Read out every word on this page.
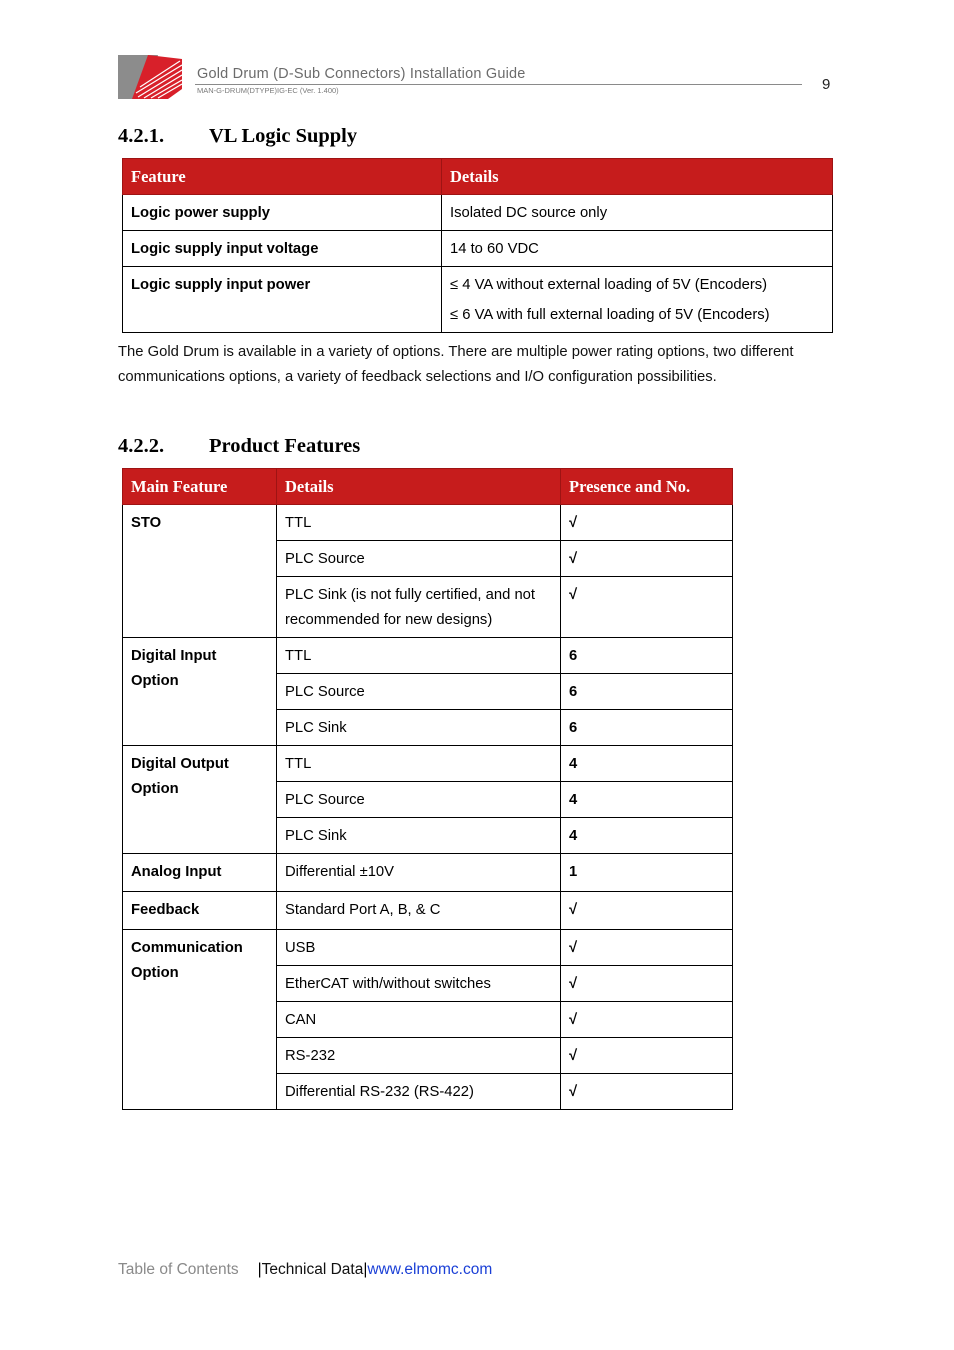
Gold Drum (D-Sub Connectors) Installation Guide
MAN-G-DRUM(DTYPE)IG-EC (Ver. 1.400)	9
4.2.1. VL Logic Supply
Feature	Details
Logic power supply	Isolated DC source only
Logic supply input voltage	14 to 60 VDC
Logic supply input power	≤ 4 VA without external loading of 5V (Encoders)
≤ 6 VA with full external loading of 5V (Encoders)

The Gold Drum is available in a variety of options. There are multiple power rating options, two different communications options, a variety of feedback selections and I/O configuration possibilities.

4.2.2. Product Features
Main Feature	Details	Presence and No.
STO	TTL	√
	PLC Source	√
	PLC Sink (is not fully certified, and not recommended for new designs)	√
Digital Input Option	TTL	6
	PLC Source	6
	PLC Sink	6
Digital Output Option	TTL	4
	PLC Source	4
	PLC Sink	4
Analog Input	Differential ±10V	1
Feedback	Standard Port A, B, & C	√
Communication Option	USB	√
	EtherCAT with/without switches	√
	CAN	√
	RS-232	√
	Differential RS-232 (RS-422)	√
Table of Contents |Technical Data|www.elmomc.com
